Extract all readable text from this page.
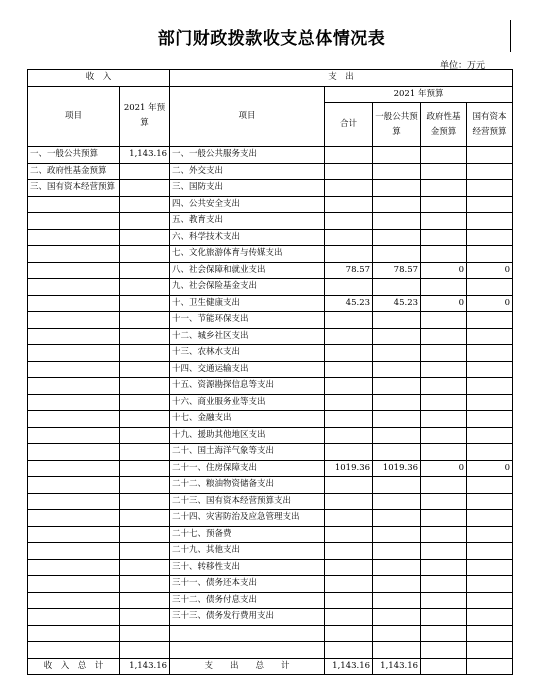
部门财政拨款收支总体情况表
单位：万元
收　入		支　出				
项目	2021 年预算	项目	2021 年预算			
			合计	一般公共预算	政府性基金预算	国有资本经营预算
一、一般公共预算	1,143.16	一、一般公共服务支出				
二、政府性基金预算		二、外交支出				
三、国有资本经营预算		三、国防支出				

		四、公共安全支出				
		五、教育支出				
		六、科学技术支出				
		七、文化旅游体育与传媒支出				
		八、社会保障和就业支出	78.57	78.57	0	0
		九、社会保险基金支出				
		十、卫生健康支出	45.23	45.23	0	0
		十一、节能环保支出				
		十二、城乡社区支出				
		十三、农林水支出				
		十四、交通运输支出				
		十五、资源勘探信息等支出				
		十六、商业服务业等支出				
		十七、金融支出				
		十九、援助其他地区支出				
		二十、国土海洋气象等支出				
		二十一、住房保障支出	1019.36	1019.36	0	0
		二十二、粮油物资储备支出				
		二十三、国有资本经营预算支出				
		二十四、灾害防治及应急管理支出				
		二十七、预备费				
		二十九、其他支出				
		三十、转移性支出				
		三十一、债务还本支出				
		三十二、债务付息支出				
		三十三、债务发行费用支出				

收　入　总　计	1,143.16	支　　出　　总　　计	1,143.16	1,143.16		
